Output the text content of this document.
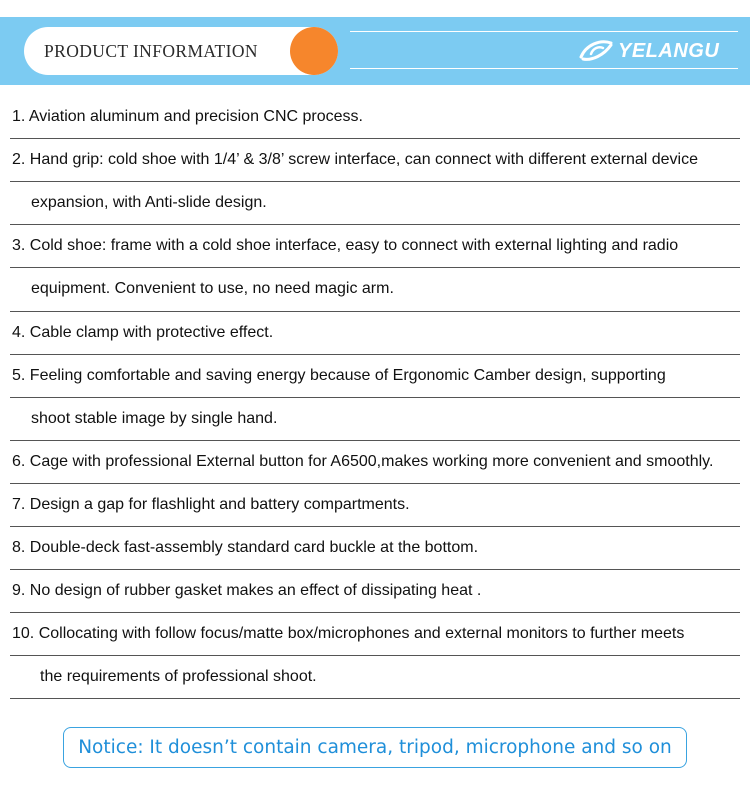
PRODUCT INFORMATION	YELANGU
1. Aviation aluminum and precision CNC process.
2. Hand grip: cold shoe with 1/4’ & 3/8’ screw interface, can connect with different external device
expansion, with Anti-slide design.
3. Cold shoe: frame with a cold shoe interface, easy to connect with external lighting and radio
equipment. Convenient to use, no need magic arm.
4. Cable clamp with protective effect.
5. Feeling comfortable and saving energy because of Ergonomic Camber design, supporting
shoot stable image by single hand.
6. Cage with professional External button for A6500,makes working more convenient and smoothly.
7. Design a gap for flashlight and battery compartments.
8. Double-deck fast-assembly standard card buckle at the bottom.
9. No design of rubber gasket makes an effect of dissipating heat .
10. Collocating with follow focus/matte box/microphones and external monitors to further meets
the requirements of professional shoot.
Notice: It doesn’t contain camera, tripod, microphone and so on
